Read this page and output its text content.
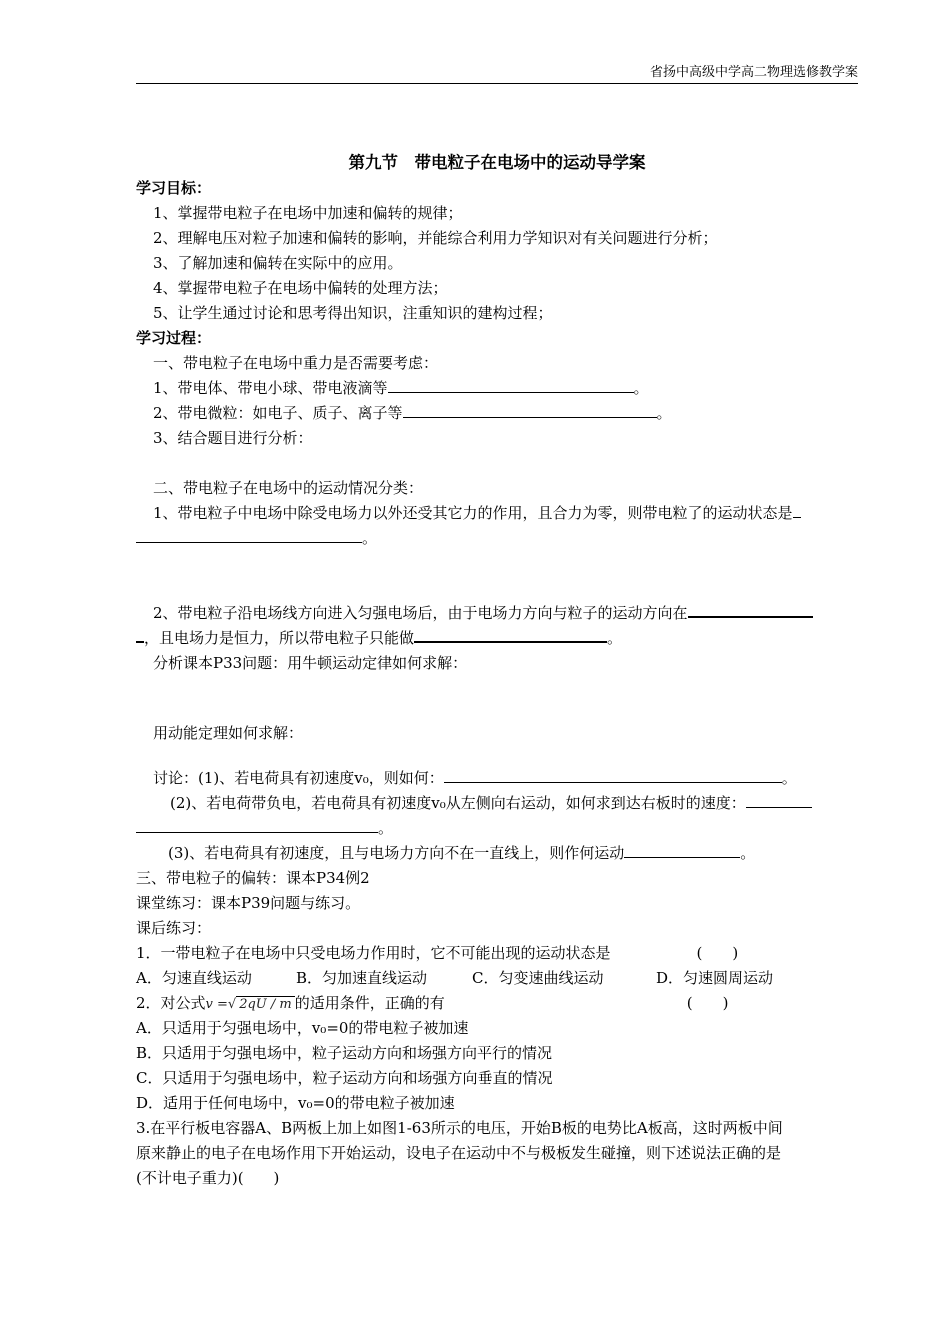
省扬中高级中学高二物理选修教学案
第九节　带电粒子在电场中的运动导学案
学习目标：
1、掌握带电粒子在电场中加速和偏转的规律；
2、理解电压对粒子加速和偏转的影响，并能综合利用力学知识对有关问题进行分析；
3、了解加速和偏转在实际中的应用。
4、掌握带电粒子在电场中偏转的处理方法；
5、让学生通过讨论和思考得出知识，注重知识的建构过程；
学习过程：
一、带电粒子在电场中重力是否需要考虑：
1、带电体、带电小球、带电液滴等	。
2、带电微粒：如电子、质子、离子等	。
3、结合题目进行分析：
二、带电粒子在电场中的运动情况分类：
1、带电粒子中电场中除受电场力以外还受其它力的作用，且合力为零，则带电粒了的运动状态是
。
2、带电粒子沿电场线方向进入匀强电场后，由于电场力方向与粒子的运动方向在
，且电场力是恒力，所以带电粒子只能做	。
分析课本P33问题：用牛顿运动定律如何求解：
用动能定理如何求解：
讨论：(1)、若电荷具有初速度v₀，则如何：	。
(2)、若电荷带负电，若电荷具有初速度v₀从左侧向右运动，如何求到达右板时的速度：
。
(3)、若电荷具有初速度，且与电场力方向不在一直线上，则作何运动	。
三、带电粒子的偏转：课本P34例2
课堂练习：课本P39问题与练习。
课后练习：
1．一带电粒子在电场中只受电场力作用时，它不可能出现的运动状态是	(　　)
A．匀速直线运动	B．匀加速直线运动	C．匀变速曲线运动	D．匀速圆周运动
2．对公式v =√ 2qU / m 的适用条件，正确的有	(　　)
A．只适用于匀强电场中，v₀=0的带电粒子被加速
B．只适用于匀强电场中，粒子运动方向和场强方向平行的情况
C．只适用于匀强电场中，粒子运动方向和场强方向垂直的情况
D．适用于任何电场中，v₀=0的带电粒子被加速
3.在平行板电容器A、B两板上加上如图1-63所示的电压，开始B板的电势比A板高，这时两板中间
原来静止的电子在电场作用下开始运动，设电子在运动中不与极板发生碰撞，则下述说法正确的是
(不计电子重力)(　　)
